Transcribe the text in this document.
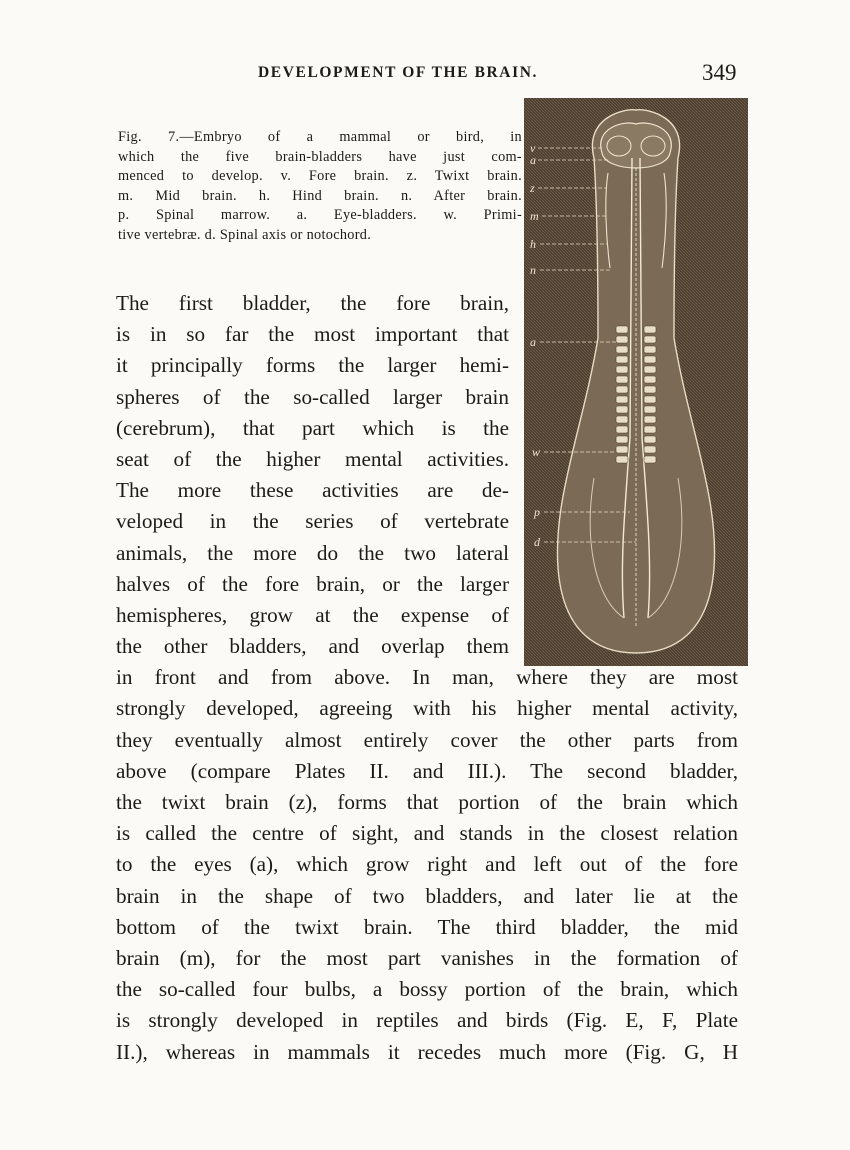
DEVELOPMENT OF THE BRAIN.	349
Fig. 7.—Embryo of a mammal or bird, in
which the five brain-bladders have just com-
menced to develop. v. Fore brain. z. Twixt brain.
m. Mid brain. h. Hind brain. n. After brain.
p. Spinal marrow. a. Eye-bladders. w. Primi-
tive vertebræ. d. Spinal axis or notochord.
v
a
z
m
h
n
a
w
p
d
The first bladder, the fore brain,
is in so far the most important that
it principally forms the larger hemi-
spheres of the so-called larger brain
(cerebrum), that part which is the
seat of the higher mental activities.
The more these activities are de-
veloped in the series of vertebrate
animals, the more do the two lateral
halves of the fore brain, or the larger
hemispheres, grow at the expense of
the other bladders, and overlap them
in front and from above. In man, where they are most
strongly developed, agreeing with his higher mental activity,
they eventually almost entirely cover the other parts from
above (compare Plates II. and III.). The second bladder,
the twixt brain (z), forms that portion of the brain which
is called the centre of sight, and stands in the closest relation
to the eyes (a), which grow right and left out of the fore
brain in the shape of two bladders, and later lie at the
bottom of the twixt brain. The third bladder, the mid
brain (m), for the most part vanishes in the formation of
the so-called four bulbs, a bossy portion of the brain, which
is strongly developed in reptiles and birds (Fig. E, F, Plate
II.), whereas in mammals it recedes much more (Fig. G, H
